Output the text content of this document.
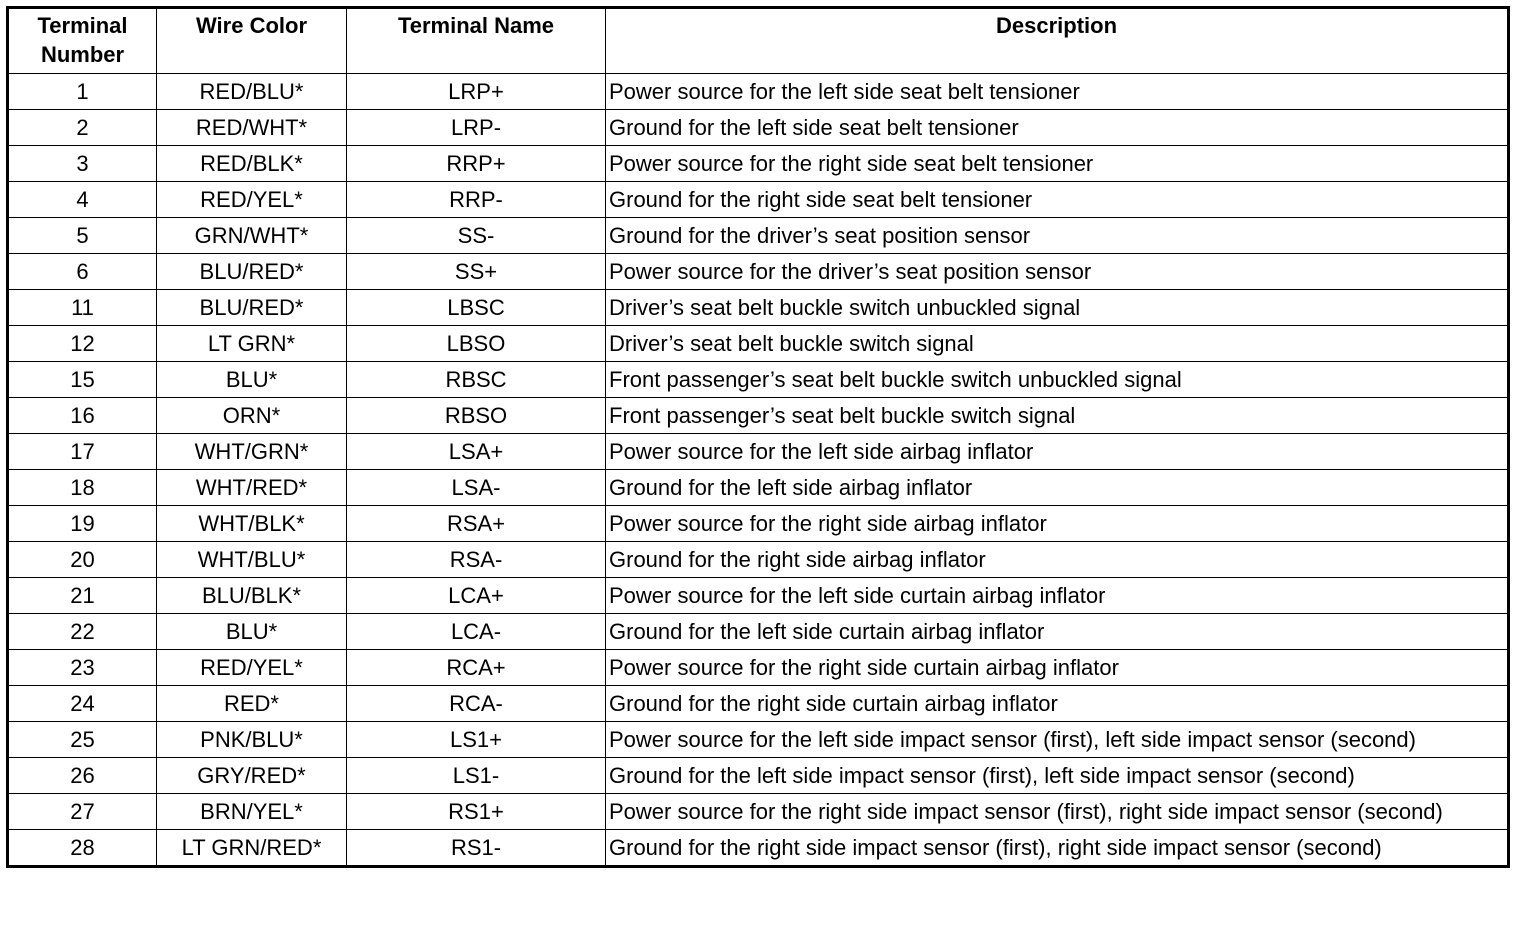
Terminal Number	Wire Color	Terminal Name	Description
1	RED/BLU*	LRP+	Power source for the left side seat belt tensioner
2	RED/WHT*	LRP-	Ground for the left side seat belt tensioner
3	RED/BLK*	RRP+	Power source for the right side seat belt tensioner
4	RED/YEL*	RRP-	Ground for the right side seat belt tensioner
5	GRN/WHT*	SS-	Ground for the driver’s seat position sensor
6	BLU/RED*	SS+	Power source for the driver’s seat position sensor
11	BLU/RED*	LBSC	Driver’s seat belt buckle switch unbuckled signal
12	LT GRN*	LBSO	Driver’s seat belt buckle switch signal
15	BLU*	RBSC	Front passenger’s seat belt buckle switch unbuckled signal
16	ORN*	RBSO	Front passenger’s seat belt buckle switch signal
17	WHT/GRN*	LSA+	Power source for the left side airbag inflator
18	WHT/RED*	LSA-	Ground for the left side airbag inflator
19	WHT/BLK*	RSA+	Power source for the right side airbag inflator
20	WHT/BLU*	RSA-	Ground for the right side airbag inflator
21	BLU/BLK*	LCA+	Power source for the left side curtain airbag inflator
22	BLU*	LCA-	Ground for the left side curtain airbag inflator
23	RED/YEL*	RCA+	Power source for the right side curtain airbag inflator
24	RED*	RCA-	Ground for the right side curtain airbag inflator
25	PNK/BLU*	LS1+	Power source for the left side impact sensor (first), left side impact sensor (second)
26	GRY/RED*	LS1-	Ground for the left side impact sensor (first), left side impact sensor (second)
27	BRN/YEL*	RS1+	Power source for the right side impact sensor (first), right side impact sensor (second)
28	LT GRN/RED*	RS1-	Ground for the right side impact sensor (first), right side impact sensor (second)
